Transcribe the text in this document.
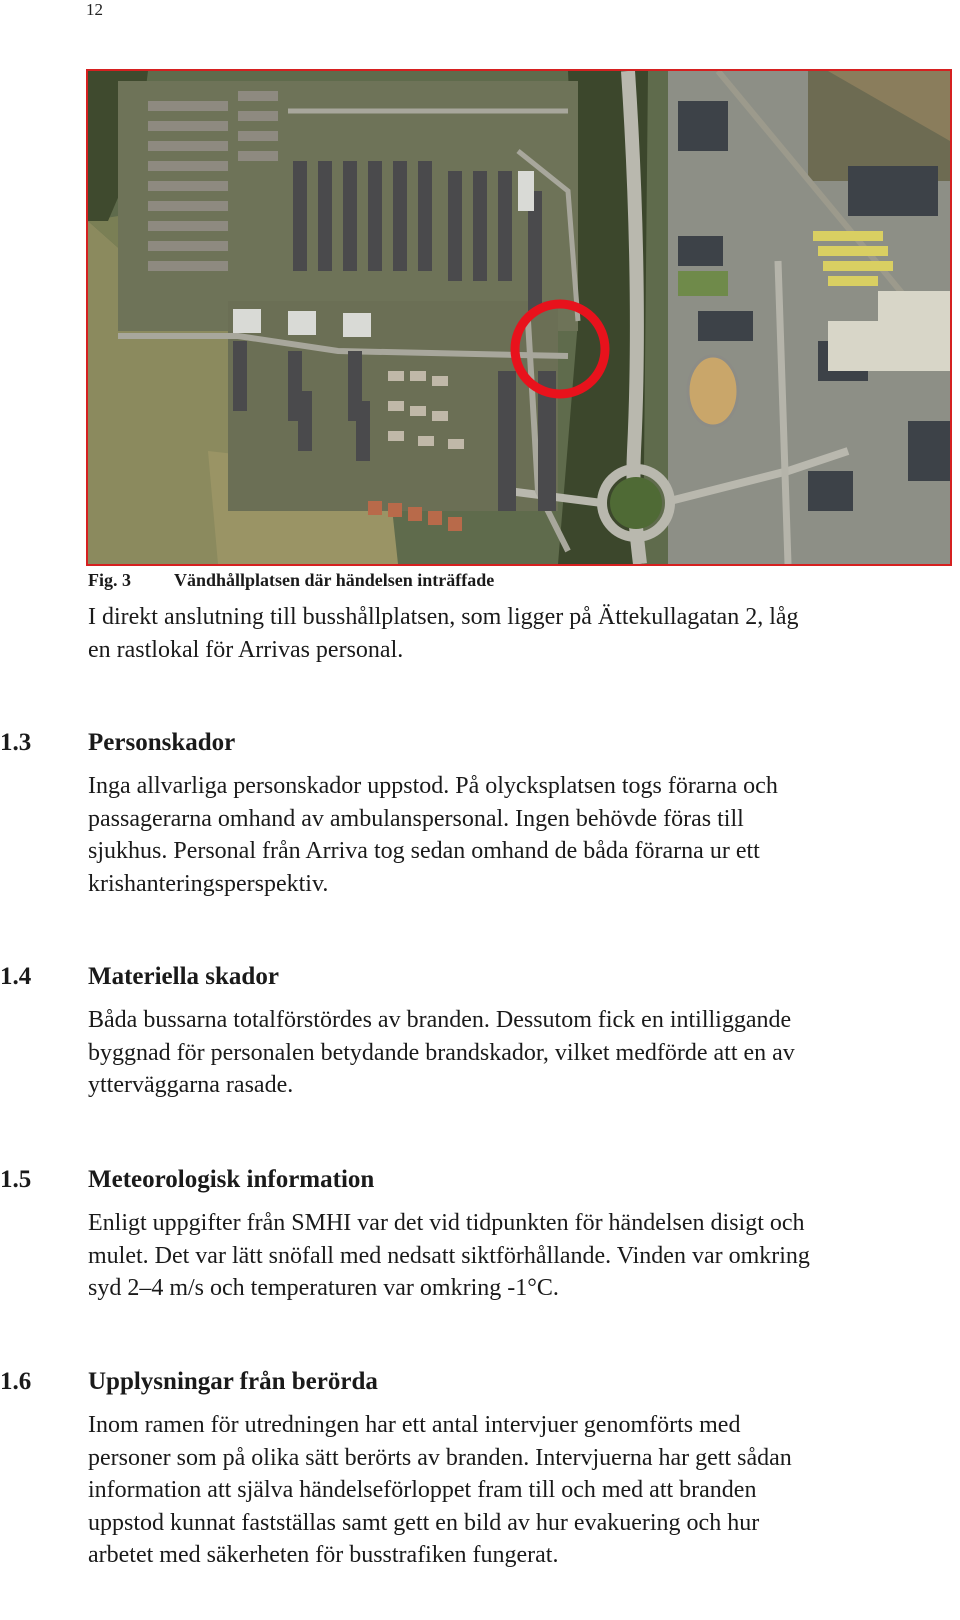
12
Fig. 3 Vändhållplatsen där händelsen inträffade

I direkt anslutning till busshållplatsen, som ligger på Ättekullagatan 2, låg
en rastlokal för Arrivas personal.

1.3 Personskador

Inga allvarliga personskador uppstod. På olycksplatsen togs förarna och
passagerarna omhand av ambulanspersonal. Ingen behövde föras till
sjukhus. Personal från Arriva tog sedan omhand de båda förarna ur ett
krishanteringsperspektiv.

1.4 Materiella skador

Båda bussarna totalförstördes av branden. Dessutom fick en intilliggande
byggnad för personalen betydande brandskador, vilket medförde att en av
ytterväggarna rasade.

1.5 Meteorologisk information

Enligt uppgifter från SMHI var det vid tidpunkten för händelsen disigt och
mulet. Det var lätt snöfall med nedsatt siktförhållande. Vinden var omkring
syd 2–4 m/s och temperaturen var omkring -1°C.

1.6 Upplysningar från berörda

Inom ramen för utredningen har ett antal intervjuer genomförts med
personer som på olika sätt berörts av branden. Intervjuerna har gett sådan
information att själva händelseförloppet fram till och med att branden
uppstod kunnat fastställas samt gett en bild av hur evakuering och hur
arbetet med säkerheten för busstrafiken fungerat.
